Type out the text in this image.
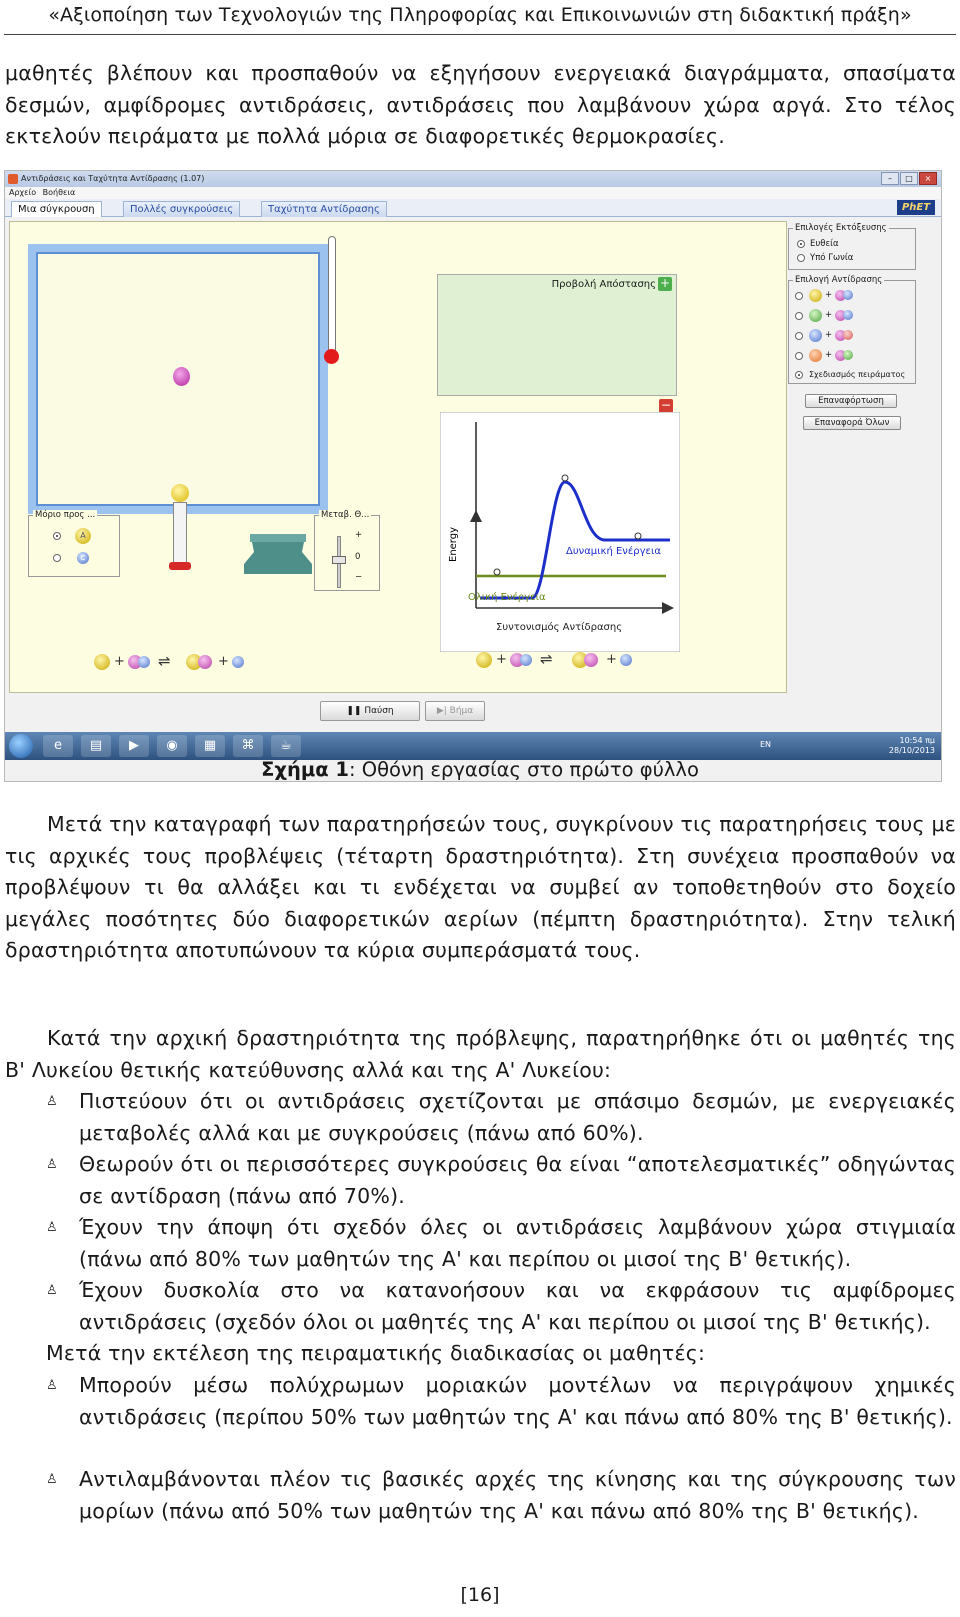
«Αξιοποίηση των Τεχνολογιών της Πληροφορίας και Επικοινωνιών στη διδακτική πράξη»

μαθητές βλέπουν και προσπαθούν να εξηγήσουν ενεργειακά διαγράμματα, σπασίματα δεσμών, αμφίδρομες αντιδράσεις, αντιδράσεις που λαμβάνουν χώρα αργά. Στο τέλος εκτελούν πειράματα με πολλά μόρια σε διαφορετικές θερμοκρασίες.

Αντιδράσεις και Ταχύτητα Αντίδρασης (1.07)	–	□	×
Αρχείο Βοήθεια
Μια σύγκρουση	Πολλές συγκρούσεις	Ταχύτητα Αντίδρασης	PhET
Μόριο προς ...
A
C
Μεταβ. Θ...
+
0
−
+ ⇌	+
Προβολή Απόστασης +
−
Energy	Δυναμική Ενέργεια
Ολική Ενέργεια
Συντονισμός Αντίδρασης
+ ⇌	+
Επιλογές Εκτόξευσης
Ευθεία
Υπό Γωνία
Επιλογή Αντίδρασης
+
+
+
+
Σχεδιασμός πειράματος
Επαναφόρτωση
Επαναφορά Όλων
❚❚ Παύση	▶| Βήμα
e	▤	▶	◉	▦	⌘	☕	EN	10:54 πμ
28/10/2013
Σχήμα 1: Οθόνη εργασίας στο πρώτο φύλλο

Μετά την καταγραφή των παρατηρήσεών τους, συγκρίνουν τις παρατηρήσεις τους με τις αρχικές τους προβλέψεις (τέταρτη δραστηριότητα). Στη συνέχεια προσπαθούν να προβλέψουν τι θα αλλάξει και τι ενδέχεται να συμβεί αν τοποθετηθούν στο δοχείο μεγάλες ποσότητες δύο διαφορετικών αερίων (πέμπτη δραστηριότητα). Στην τελική δραστηριότητα αποτυπώνουν τα κύρια συμπεράσματά τους.

Κατά την αρχική δραστηριότητα της πρόβλεψης, παρατηρήθηκε ότι οι μαθητές της Β' Λυκείου θετικής κατεύθυνσης αλλά και της Α' Λυκείου:

♙	Πιστεύουν ότι οι αντιδράσεις σχετίζονται με σπάσιμο δεσμών, με ενεργειακές μεταβολές αλλά και με συγκρούσεις (πάνω από 60%).
♙	Θεωρούν ότι οι περισσότερες συγκρούσεις θα είναι “αποτελεσματικές” οδηγώντας σε αντίδραση (πάνω από 70%).
♙	Έχουν την άποψη ότι σχεδόν όλες οι αντιδράσεις λαμβάνουν χώρα στιγμιαία (πάνω από 80% των μαθητών της Α' και περίπου οι μισοί της Β' θετικής).
♙	Έχουν δυσκολία στο να κατανοήσουν και να εκφράσουν τις αμφίδρομες αντιδράσεις (σχεδόν όλοι οι μαθητές της Α' και περίπου οι μισοί της Β' θετικής).

Μετά την εκτέλεση της πειραματικής διαδικασίας οι μαθητές:

♙	Μπορούν μέσω πολύχρωμων μοριακών μοντέλων να περιγράψουν χημικές αντιδράσεις (περίπου 50% των μαθητών της Α' και πάνω από 80% της Β' θετικής).
♙	Αντιλαμβάνονται πλέον τις βασικές αρχές της κίνησης και της σύγκρουσης των μορίων (πάνω από 50% των μαθητών της Α' και πάνω από 80% της Β' θετικής).
[16]
